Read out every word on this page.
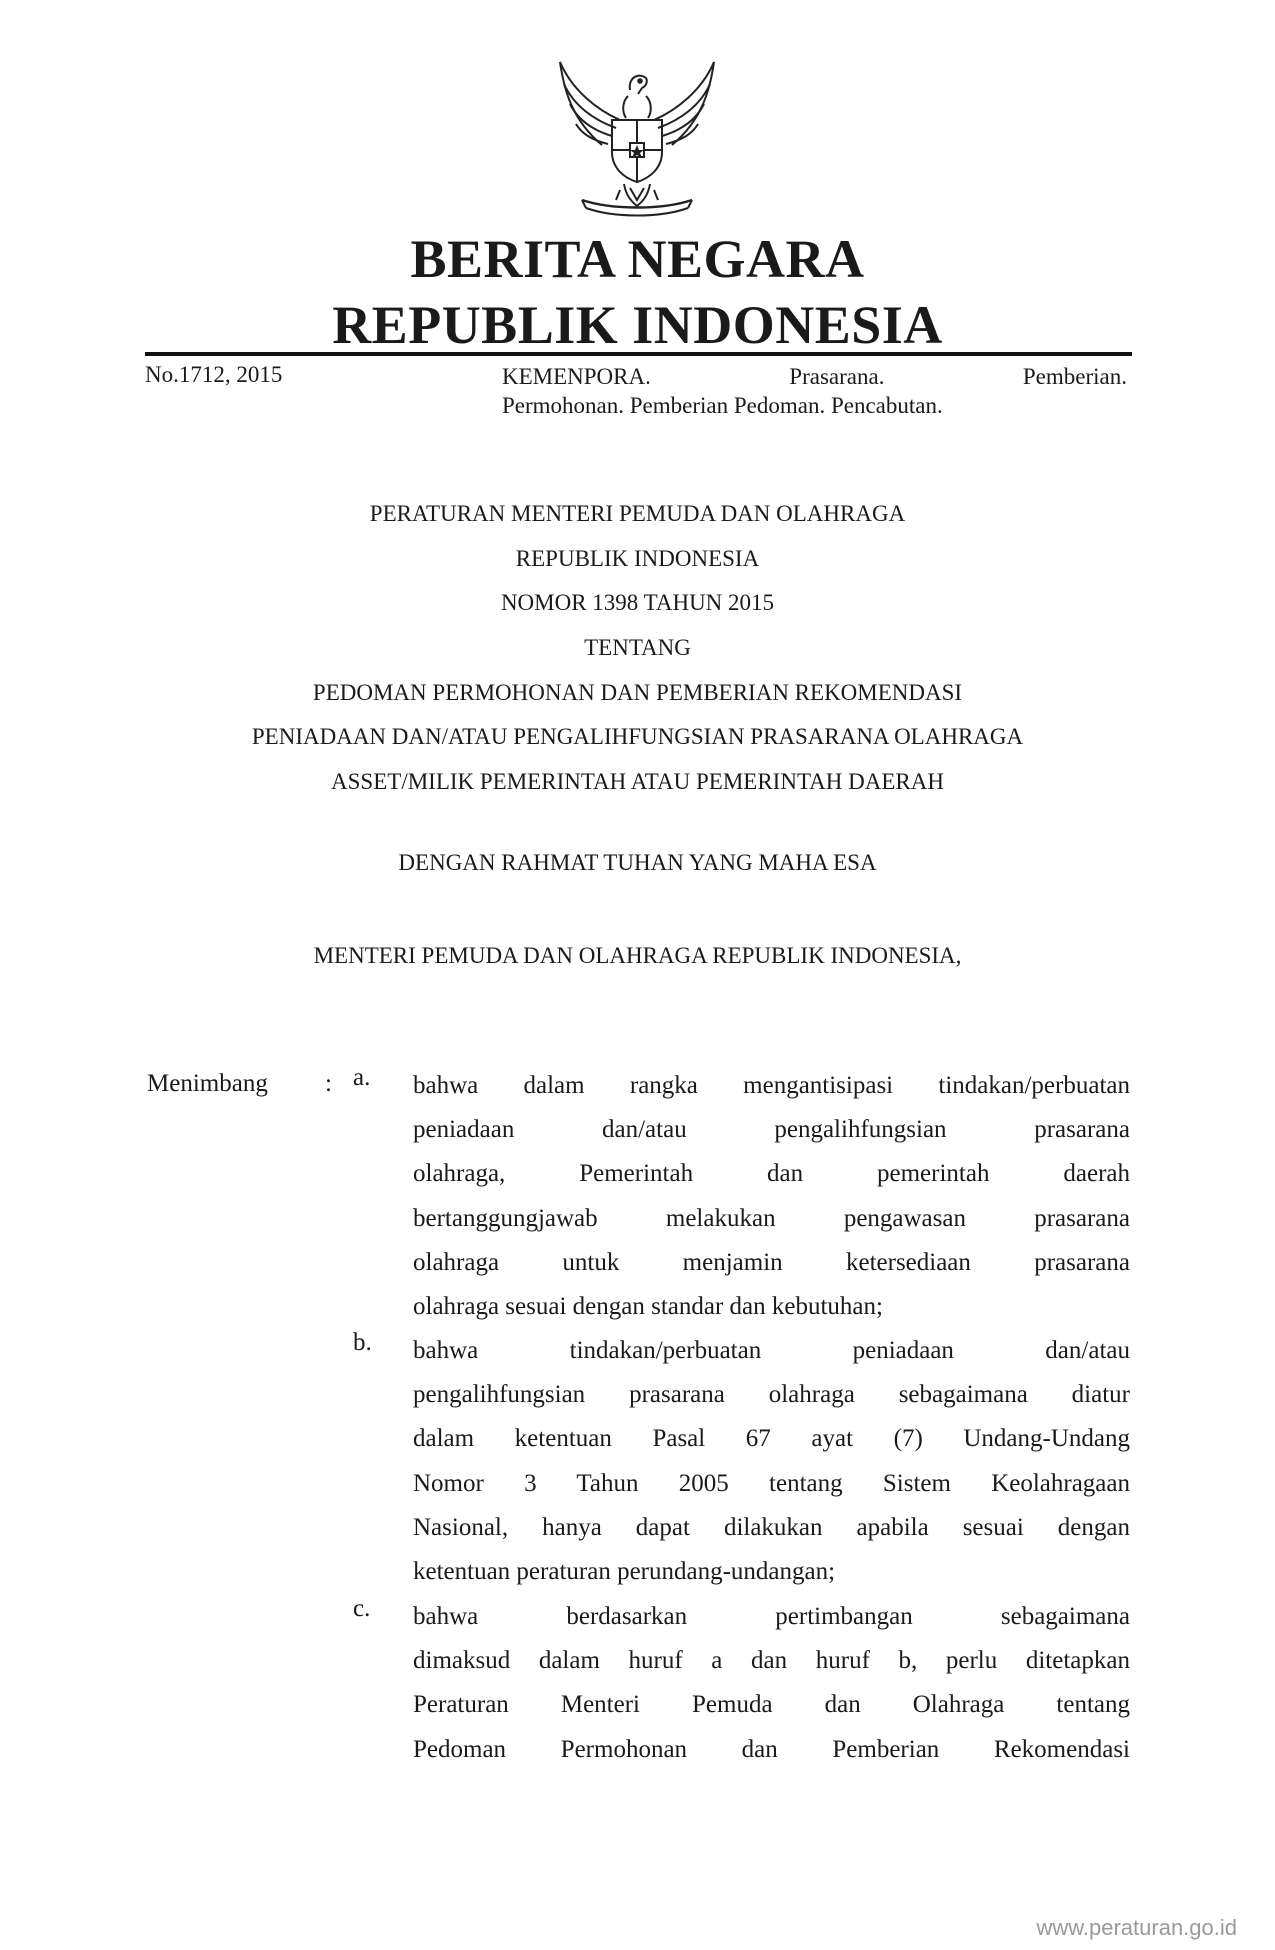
BERITA NEGARA
REPUBLIK INDONESIA
No.1712, 2015	KEMENPORA.	Prasarana.	Pemberian.
Permohonan. Pemberian Pedoman. Pencabutan.
PERATURAN MENTERI PEMUDA DAN OLAHRAGA
REPUBLIK INDONESIA
NOMOR 1398 TAHUN 2015
TENTANG
PEDOMAN PERMOHONAN DAN PEMBERIAN REKOMENDASI
PENIADAAN DAN/ATAU PENGALIHFUNGSIAN PRASARANA OLAHRAGA
ASSET/MILIK PEMERINTAH ATAU PEMERINTAH DAERAH
DENGAN RAHMAT TUHAN YANG MAHA ESA
MENTERI PEMUDA DAN OLAHRAGA REPUBLIK INDONESIA,
Menimbang : a. bahwa dalam rangka mengantisipasi tindakan/perbuatan
peniadaan dan/atau pengalihfungsian prasarana
olahraga, Pemerintah dan pemerintah daerah
bertanggungjawab melakukan pengawasan prasarana
olahraga untuk menjamin ketersediaan prasarana
olahraga sesuai dengan standar dan kebutuhan;
b. bahwa tindakan/perbuatan peniadaan dan/atau
pengalihfungsian prasarana olahraga sebagaimana diatur
dalam ketentuan Pasal 67 ayat (7) Undang-Undang
Nomor 3 Tahun 2005 tentang Sistem Keolahragaan
Nasional, hanya dapat dilakukan apabila sesuai dengan
ketentuan peraturan perundang-undangan;
c. bahwa berdasarkan pertimbangan sebagaimana
dimaksud dalam huruf a dan huruf b, perlu ditetapkan
Peraturan Menteri Pemuda dan Olahraga tentang
Pedoman Permohonan dan Pemberian Rekomendasi
www.peraturan.go.id
